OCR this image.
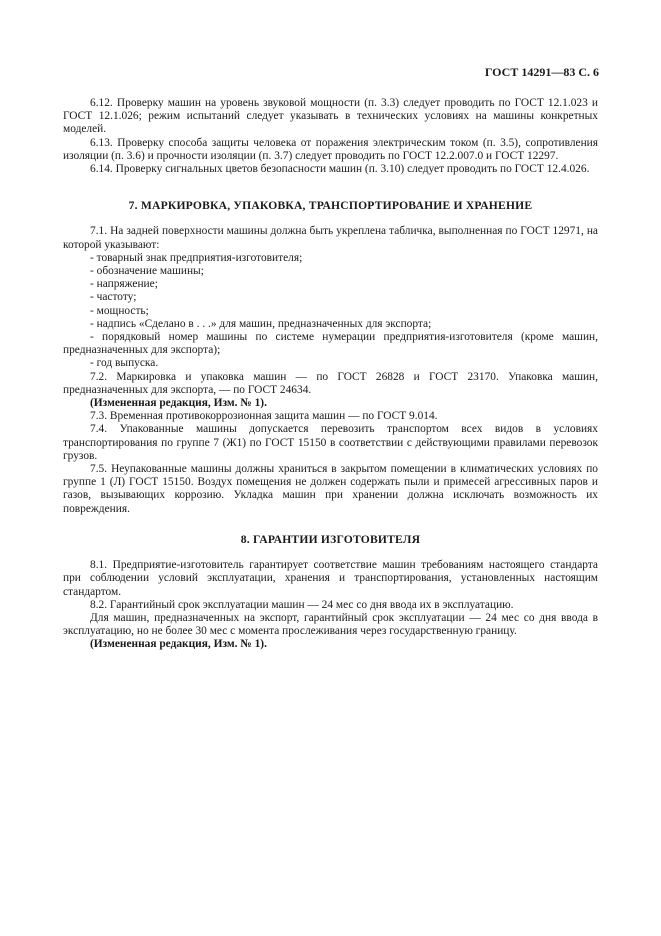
ГОСТ 14291—83 С. 6

6.12. Проверку машин на уровень звуковой мощности (п. 3.3) следует проводить по ГОСТ 12.1.023 и ГОСТ 12.1.026; режим испытаний следует указывать в технических условиях на машины конкретных моделей.

6.13. Проверку способа защиты человека от поражения электрическим током (п. 3.5), сопротивления изоляции (п. 3.6) и прочности изоляции (п. 3.7) следует проводить по ГОСТ 12.2.007.0 и ГОСТ 12297.

6.14. Проверку сигнальных цветов безопасности машин (п. 3.10) следует проводить по ГОСТ 12.4.026.

7. МАРКИРОВКА, УПАКОВКА, ТРАНСПОРТИРОВАНИЕ И ХРАНЕНИЕ

7.1. На задней поверхности машины должна быть укреплена табличка, выполненная по ГОСТ 12971, на которой указывают:

- товарный знак предприятия-изготовителя;

- обозначение машины;

- напряжение;

- частоту;

- мощность;

- надпись «Сделано в . . .» для машин, предназначенных для экспорта;

- порядковый номер машины по системе нумерации предприятия-изготовителя (кроме машин, предназначенных для экспорта);

- год выпуска.

7.2. Маркировка и упаковка машин — по ГОСТ 26828 и ГОСТ 23170. Упаковка машин, предназначенных для экспорта, — по ГОСТ 24634.

(Измененная редакция, Изм. № 1).

7.3. Временная противокоррозионная защита машин — по ГОСТ 9.014.

7.4. Упакованные машины допускается перевозить транспортом всех видов в условиях транспортирования по группе 7 (Ж1) по ГОСТ 15150 в соответствии с действующими правилами перевозок грузов.

7.5. Неупакованные машины должны храниться в закрытом помещении в климатических условиях по группе 1 (Л) ГОСТ 15150. Воздух помещения не должен содержать пыли и примесей агрессивных паров и газов, вызывающих коррозию. Укладка машин при хранении должна исключать возможность их повреждения.

8. ГАРАНТИИ ИЗГОТОВИТЕЛЯ

8.1. Предприятие-изготовитель гарантирует соответствие машин требованиям настоящего стандарта при соблюдении условий эксплуатации, хранения и транспортирования, установленных настоящим стандартом.

8.2. Гарантийный срок эксплуатации машин — 24 мес со дня ввода их в эксплуатацию.

Для машин, предназначенных на экспорт, гарантийный срок эксплуатации — 24 мес со дня ввода в эксплуатацию, но не более 30 мес с момента прослеживания через государственную границу.

(Измененная редакция, Изм. № 1).
